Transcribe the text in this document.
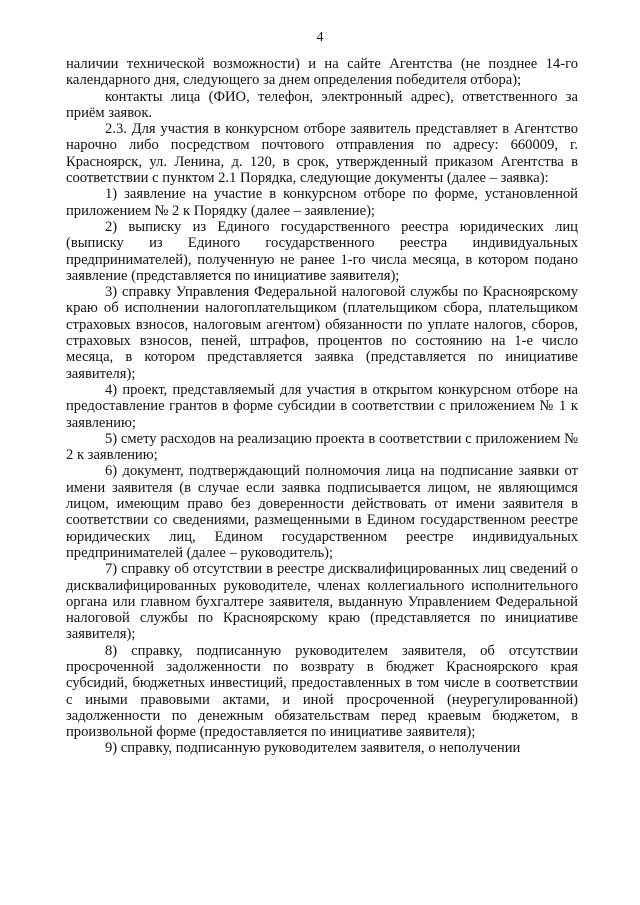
4

наличии технической возможности) и на сайте Агентства (не позднее 14-го календарного дня, следующего за днем определения победителя отбора);

контакты лица (ФИО, телефон, электронный адрес), ответственного за приём заявок.

2.3. Для участия в конкурсном отборе заявитель представляет в Агентство нарочно либо посредством почтового отправления по адресу: 660009, г. Красноярск, ул. Ленина, д. 120, в срок, утвержденный приказом Агентства в соответствии с пунктом 2.1 Порядка, следующие документы (далее – заявка):

1) заявление на участие в конкурсном отборе по форме, установленной приложением № 2 к Порядку (далее – заявление);

2) выписку из Единого государственного реестра юридических лиц (выписку из Единого государственного реестра индивидуальных предпринимателей), полученную не ранее 1-го числа месяца, в котором подано заявление (представляется по инициативе заявителя);

3) справку Управления Федеральной налоговой службы по Красноярскому краю об исполнении налогоплательщиком (плательщиком сбора, плательщиком страховых взносов, налоговым агентом) обязанности по уплате налогов, сборов, страховых взносов, пеней, штрафов, процентов по состоянию на 1-е число месяца, в котором представляется заявка (представляется по инициативе заявителя);

4) проект, представляемый для участия в открытом конкурсном отборе на предоставление грантов в форме субсидии в соответствии с приложением № 1 к заявлению;

5) смету расходов на реализацию проекта в соответствии с приложением № 2 к заявлению;

6) документ, подтверждающий полномочия лица на подписание заявки от имени заявителя (в случае если заявка подписывается лицом, не являющимся лицом, имеющим право без доверенности действовать от имени заявителя в соответствии со сведениями, размещенными в Едином государственном реестре юридических лиц, Едином государственном реестре индивидуальных предпринимателей (далее – руководитель);

7) справку об отсутствии в реестре дисквалифицированных лиц сведений о дисквалифицированных руководителе, членах коллегиального исполнительного органа или главном бухгалтере заявителя, выданную Управлением Федеральной налоговой службы по Красноярскому краю (представляется по инициативе заявителя);

8) справку, подписанную руководителем заявителя, об отсутствии просроченной задолженности по возврату в бюджет Красноярского края субсидий, бюджетных инвестиций, предоставленных в том числе в соответствии с иными правовыми актами, и иной просроченной (неурегулированной) задолженности по денежным обязательствам перед краевым бюджетом, в произвольной форме (предоставляется по инициативе заявителя);

9) справку, подписанную руководителем заявителя, о неполучении
